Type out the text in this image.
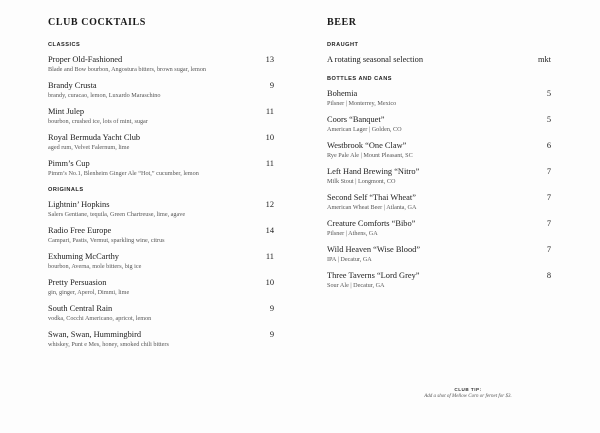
CLUB COCKTAILS
CLASSICS
Proper Old-Fashioned	13
Blade and Bow bourbon, Angostura bitters, brown sugar, lemon
Brandy Crusta	9
brandy, curacao, lemon, Luxardo Maraschino
Mint Julep	11
bourbon, crushed ice, lots of mint, sugar
Royal Bermuda Yacht Club	10
aged rum, Velvet Falernum, lime
Pimm’s Cup	11
Pimm’s No.1, Blenheim Ginger Ale “Hot,” cucumber, lemon
ORIGINALS
Lightnin’ Hopkins	12
Salers Gentiane, tequila, Green Chartreuse, lime, agave
Radio Free Europe	14
Campari, Pastis, Vermut, sparkling wine, citrus
Exhuming McCarthy	11
bourbon, Averna, mole bitters, big ice
Pretty Persuasion	10
gin, ginger, Aperol, Dimmi, lime
South Central Rain	9
vodka, Cocchi Americano, apricot, lemon
Swan, Swan, Hummingbird	9
whiskey, Punt e Mes, honey, smoked chili bitters
BEER
DRAUGHT
A rotating seasonal selection	mkt
BOTTLES AND CANS
Bohemia	5
Pilsner | Monterrey, Mexico
Coors “Banquet”	5
American Lager | Golden, CO
Westbrook “One Claw”	6
Rye Pale Ale | Mount Pleasant, SC
Left Hand Brewing “Nitro”	7
Milk Stout | Longmont, CO
Second Self “Thai Wheat”	7
American Wheat Beer | Atlanta, GA
Creature Comforts “Bibo”	7
Pilsner | Athens, GA
Wild Heaven “Wise Blood”	7
IPA | Decatur, GA
Three Taverns “Lord Grey”	8
Sour Ale | Decatur, GA
CLUB TIP:
Add a shot of Mellow Corn or fernet for $3.
